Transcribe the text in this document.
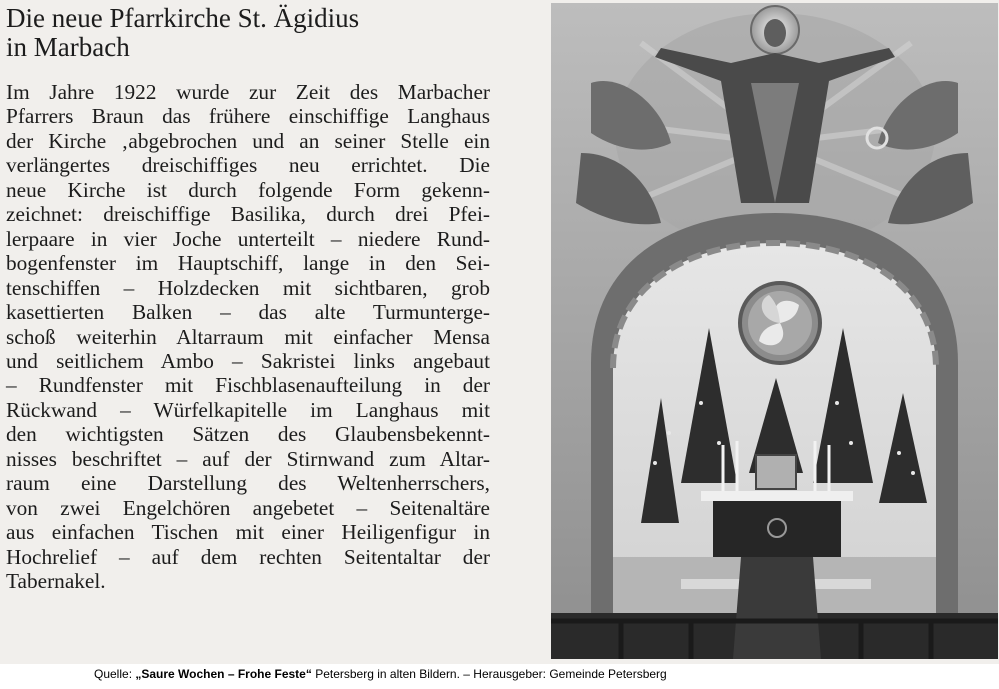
Die neue Pfarrkirche St. Ägidius
in Marbach
Im Jahre 1922 wurde zur Zeit des Marbacher
Pfarrers Braun das frühere einschiffige Langhaus
der Kirche ‚abgebrochen und an seiner Stelle ein
verlängertes dreischiffiges neu errichtet. Die
neue Kirche ist durch folgende Form gekenn-
zeichnet: dreischiffige Basilika, durch drei Pfei-
lerpaare in vier Joche unterteilt – niedere Rund-
bogenfenster im Hauptschiff, lange in den Sei-
tenschiffen – Holzdecken mit sichtbaren, grob
kasettierten Balken – das alte Turmunterge-
schoß weiterhin Altarraum mit einfacher Mensa
und seitlichem Ambo – Sakristei links angebaut
– Rundfenster mit Fischblasenaufteilung in der
Rückwand – Würfelkapitelle im Langhaus mit
den wichtigsten Sätzen des Glaubensbekennt-
nisses beschriftet – auf der Stirnwand zum Altar-
raum eine Darstellung des Weltenherrschers,
von zwei Engelchören angebetet – Seitenaltäre
aus einfachen Tischen mit einer Heiligenfigur in
Hochrelief – auf dem rechten Seitentaltar der
Tabernakel.
Quelle: „Saure Wochen – Frohe Feste“ Petersberg in alten Bildern. – Herausgeber: Gemeinde Petersberg
